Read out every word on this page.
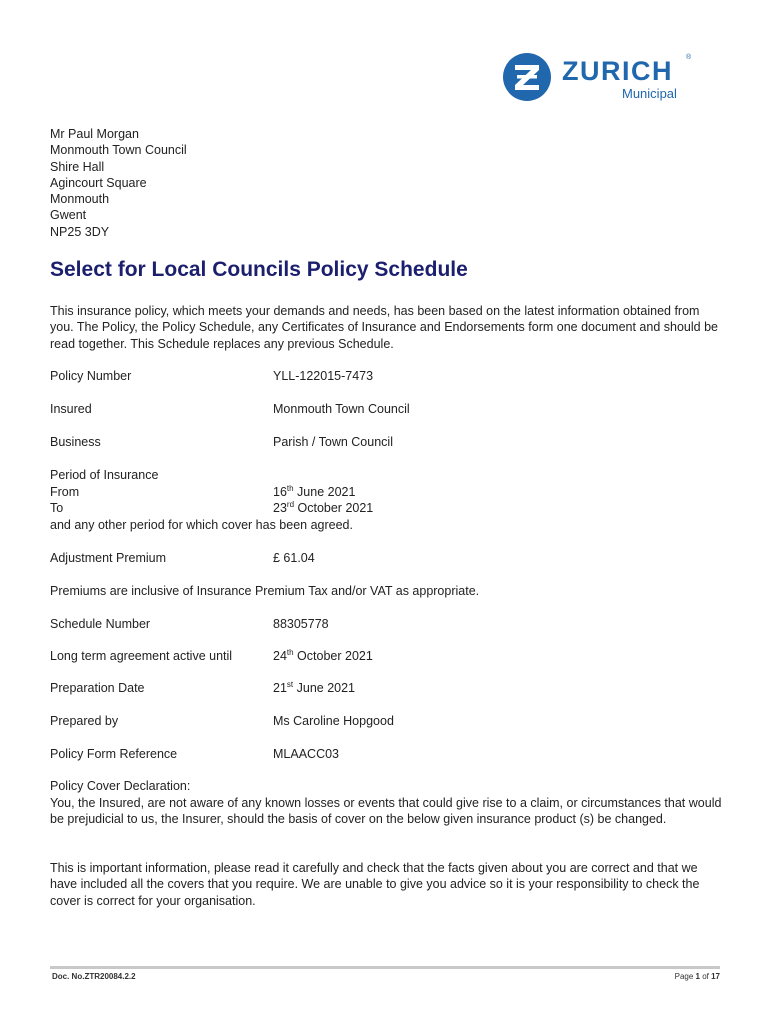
ZURICH ®
Municipal
Mr Paul Morgan
Monmouth Town Council
Shire Hall
Agincourt Square
Monmouth
Gwent
NP25 3DY
Select for Local Councils Policy Schedule
This insurance policy, which meets your demands and needs, has been based on the latest information obtained from you. The Policy, the Policy Schedule, any Certificates of Insurance and Endorsements form one document and should be read together. This Schedule replaces any previous Schedule.
Policy Number	YLL-122015-7473
Insured	Monmouth Town Council
Business	Parish / Town Council
Period of Insurance
From	16th June 2021
To	23rd October 2021
and any other period for which cover has been agreed.
Adjustment Premium	£ 61.04
Premiums are inclusive of Insurance Premium Tax and/or VAT as appropriate.
Schedule Number	88305778
Long term agreement active until	24th October 2021
Preparation Date	21st June 2021
Prepared by	Ms Caroline Hopgood
Policy Form Reference	MLAACC03
Policy Cover Declaration:
You, the Insured, are not aware of any known losses or events that could give rise to a claim, or circumstances that would be prejudicial to us, the Insurer, should the basis of cover on the below given insurance product (s) be changed.
This is important information, please read it carefully and check that the facts given about you are correct and that we have included all the covers that you require. We are unable to give you advice so it is your responsibility to check the cover is correct for your organisation.
Doc. No.ZTR20084.2.2	Page 1 of 17
